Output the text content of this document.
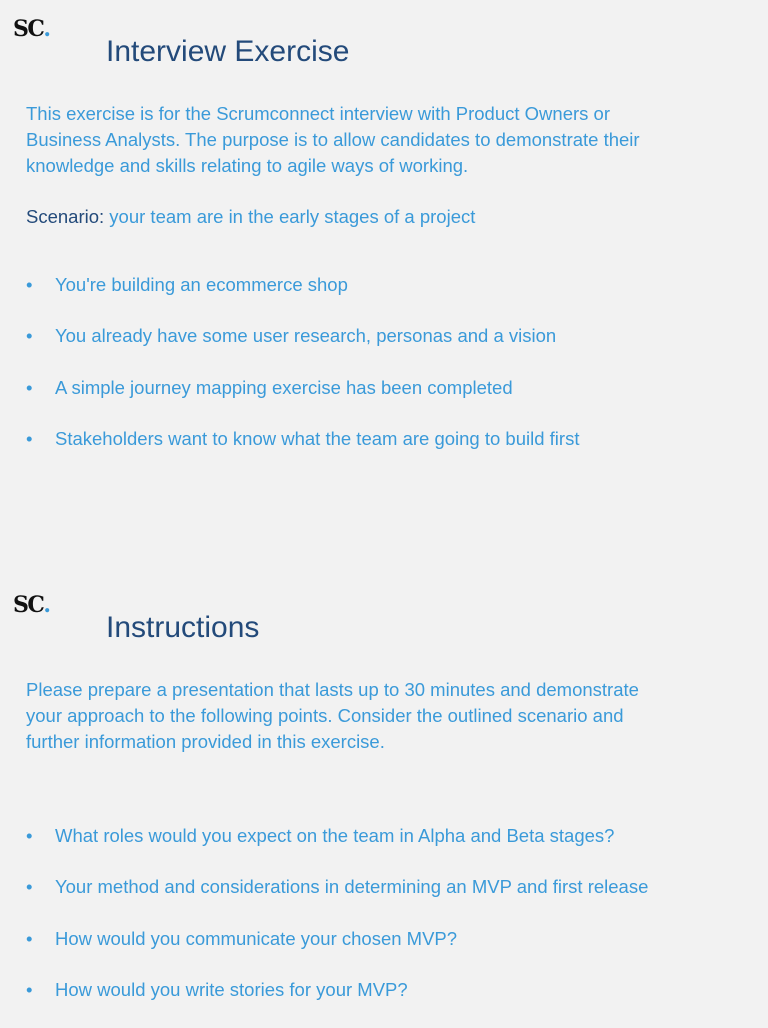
SC.
Interview Exercise

This exercise is for the Scrumconnect interview with Product Owners or
Business Analysts. The purpose is to allow candidates to demonstrate their
knowledge and skills relating to agile ways of working.

Scenario: your team are in the early stages of a project

• You're building an ecommerce shop
• You already have some user research, personas and a vision
• A simple journey mapping exercise has been completed
• Stakeholders want to know what the team are going to build first
SC.
Instructions

Please prepare a presentation that lasts up to 30 minutes and demonstrate
your approach to the following points. Consider the outlined scenario and
further information provided in this exercise.

• What roles would you expect on the team in Alpha and Beta stages?
• Your method and considerations in determining an MVP and first release
• How would you communicate your chosen MVP?
• How would you write stories for your MVP?
